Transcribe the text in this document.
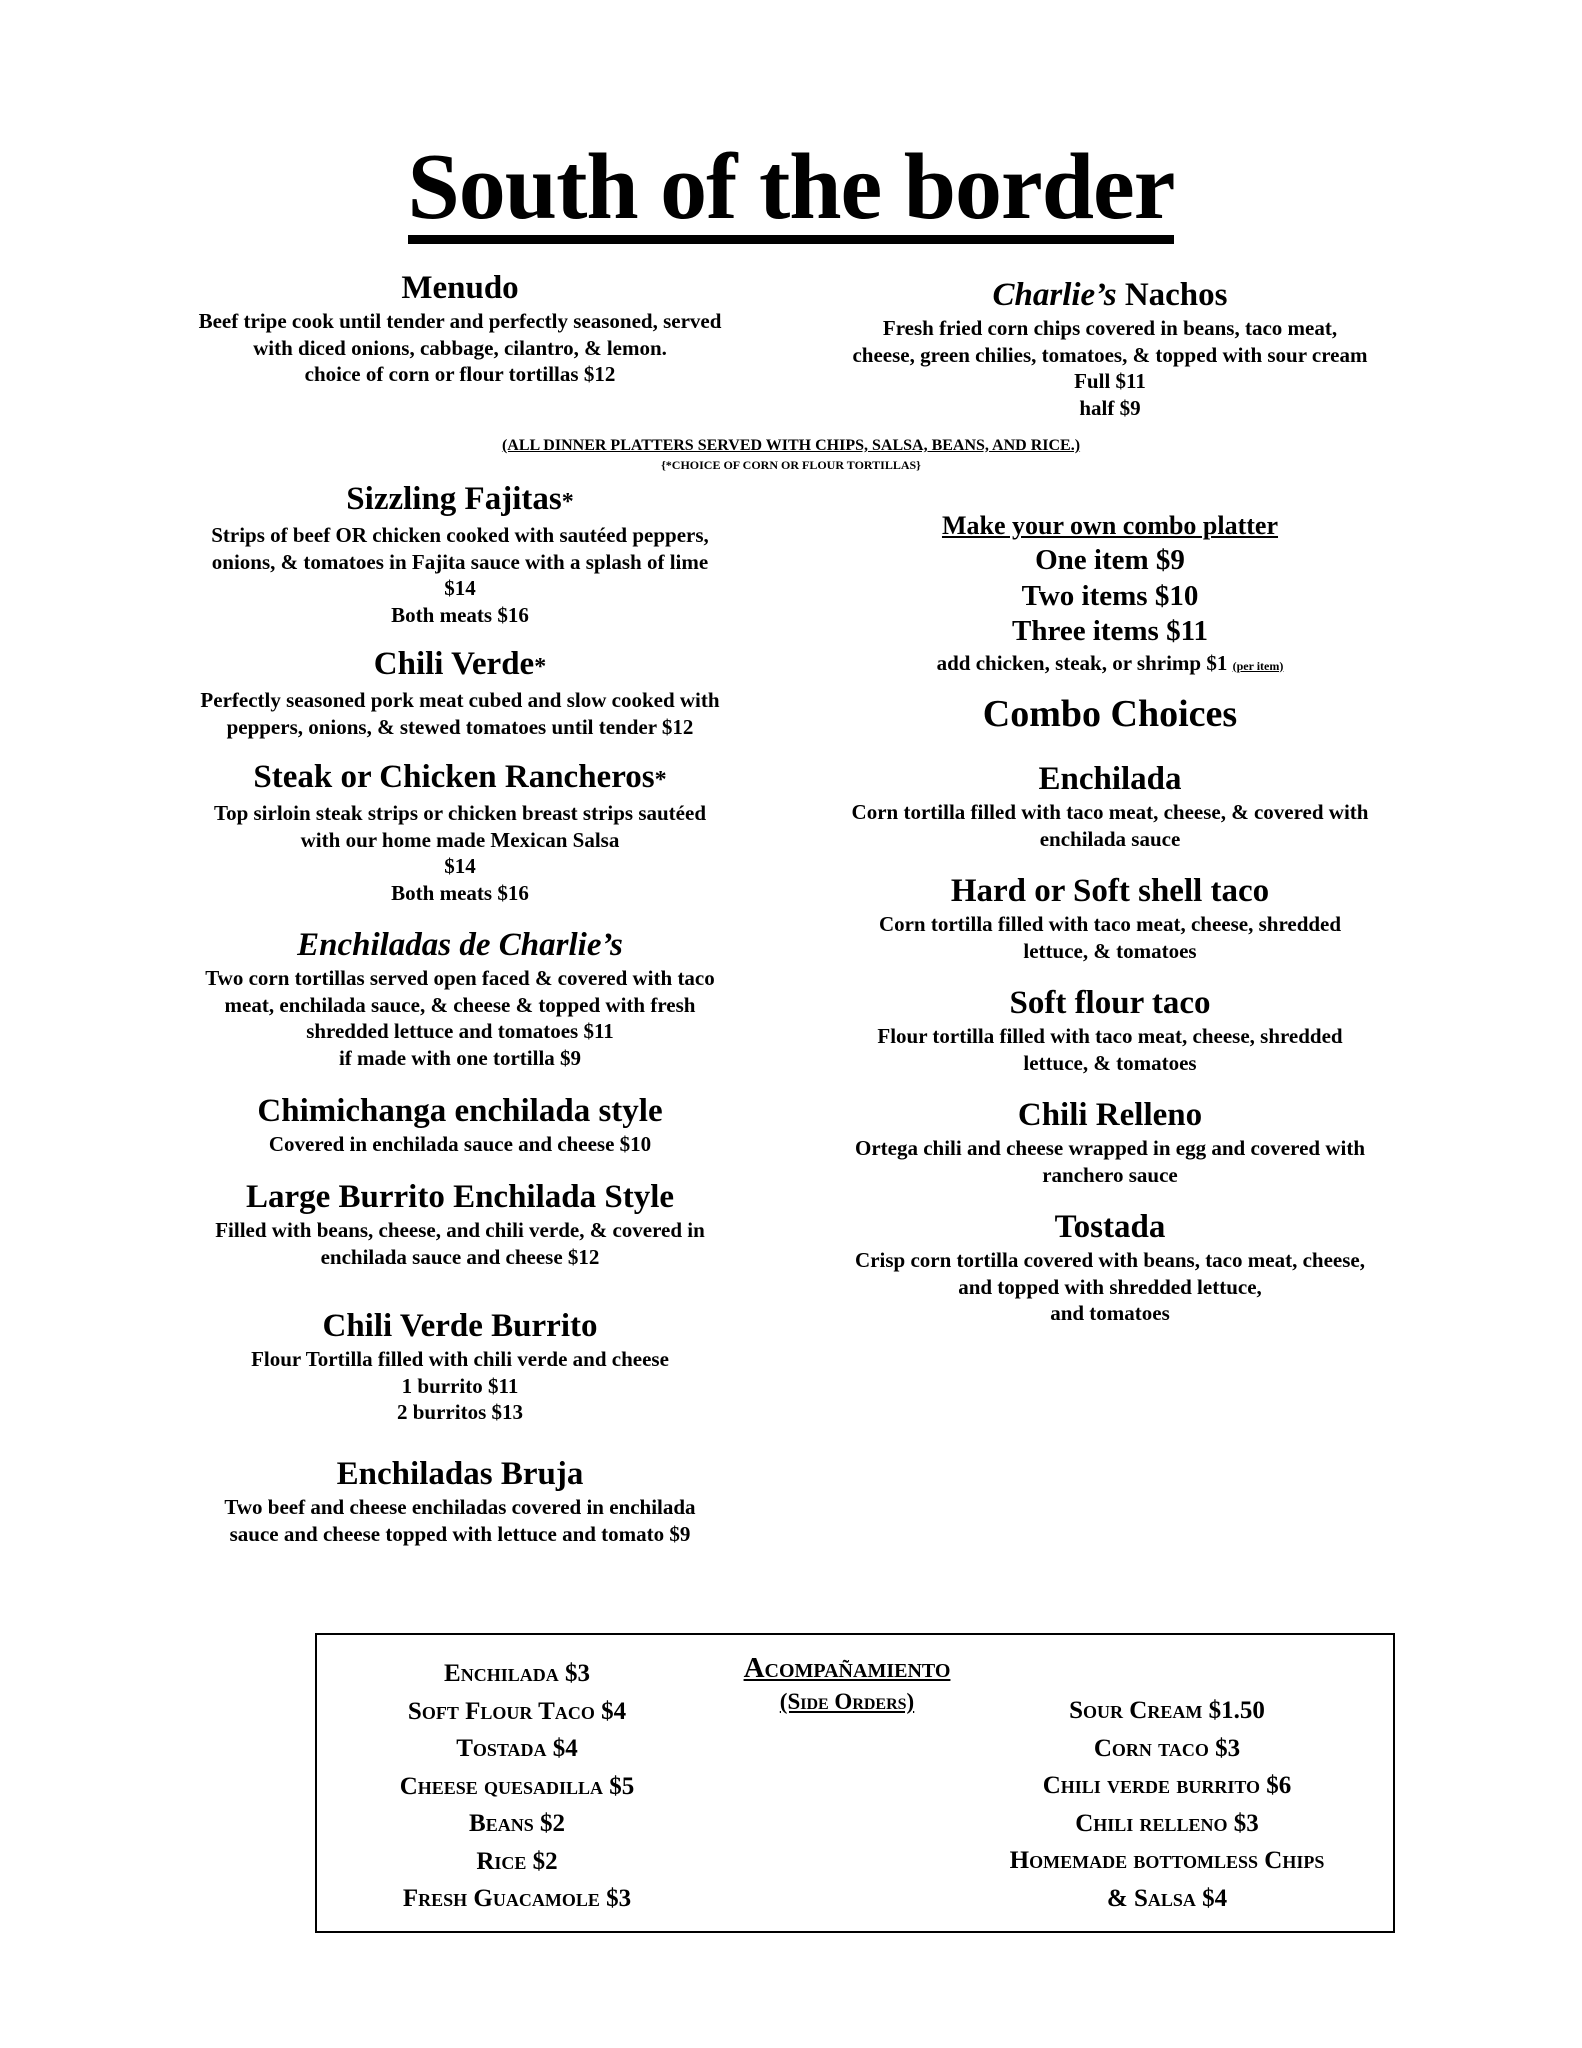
South of the border
Menudo
Beef tripe cook until tender and perfectly seasoned, served
with diced onions, cabbage, cilantro, & lemon.
choice of corn or flour tortillas $12
Charlie’s Nachos
Fresh fried corn chips covered in beans, taco meat,
cheese, green chilies, tomatoes, & topped with sour cream
Full $11
half $9
(ALL DINNER PLATTERS SERVED WITH CHIPS, SALSA, BEANS, AND RICE.)
{*CHOICE OF CORN OR FLOUR TORTILLAS}
Sizzling Fajitas*
Strips of beef OR chicken cooked with sautéed peppers,
onions, & tomatoes in Fajita sauce with a splash of lime
$14
Both meats $16
Chili Verde*
Perfectly seasoned pork meat cubed and slow cooked with
peppers, onions, & stewed tomatoes until tender $12
Steak or Chicken Rancheros*
Top sirloin steak strips or chicken breast strips sautéed
with our home made Mexican Salsa
$14
Both meats $16
Enchiladas de Charlie’s
Two corn tortillas served open faced & covered with taco
meat, enchilada sauce, & cheese & topped with fresh
shredded lettuce and tomatoes $11
if made with one tortilla $9
Chimichanga enchilada style
Covered in enchilada sauce and cheese $10
Large Burrito Enchilada Style
Filled with beans, cheese, and chili verde, & covered in
enchilada sauce and cheese $12
Chili Verde Burrito
Flour Tortilla filled with chili verde and cheese
1 burrito $11
2 burritos $13
Enchiladas Bruja
Two beef and cheese enchiladas covered in enchilada
sauce and cheese topped with lettuce and tomato $9
Make your own combo platter
One item $9
Two items $10
Three items $11
add chicken, steak, or shrimp $1 (per item)
Combo Choices
Enchilada
Corn tortilla filled with taco meat, cheese, & covered with
enchilada sauce
Hard or Soft shell taco
Corn tortilla filled with taco meat, cheese, shredded
lettuce, & tomatoes
Soft flour taco
Flour tortilla filled with taco meat, cheese, shredded
lettuce, & tomatoes
Chili Relleno
Ortega chili and cheese wrapped in egg and covered with
ranchero sauce
Tostada
Crisp corn tortilla covered with beans, taco meat, cheese,
and topped with shredded lettuce,
and tomatoes
Enchilada $3
Soft Flour Taco $4
Tostada $4
Cheese quesadilla $5
Beans $2
Rice $2
Fresh Guacamole $3
Acompañamiento
(Side Orders)	Sour Cream $1.50
Corn taco $3
Chili verde burrito $6
Chili relleno $3
Homemade bottomless Chips
& Salsa $4
